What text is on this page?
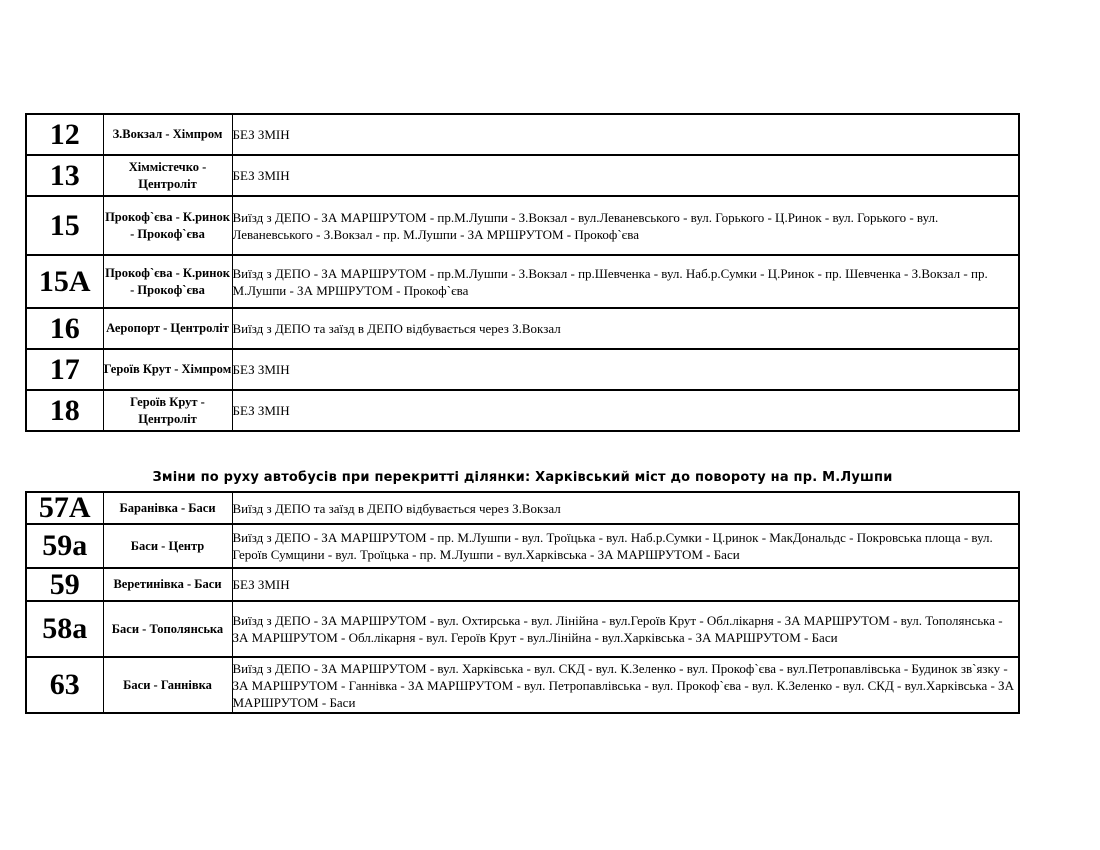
12	З.Вокзал - Хімпром	БЕЗ ЗМІН
13	Хіммістечко - Центроліт	БЕЗ ЗМІН
15	Прокоф`єва - К.ринок - Прокоф`єва	Виїзд з ДЕПО - ЗА МАРШРУТОМ - пр.М.Лушпи - З.Вокзал - вул.Леваневського - вул. Горького - Ц.Ринок - вул. Горького - вул. Леваневського - З.Вокзал - пр. М.Лушпи - ЗА МРШРУТОМ - Прокоф`єва
15А	Прокоф`єва - К.ринок - Прокоф`єва	Виїзд з ДЕПО - ЗА МАРШРУТОМ - пр.М.Лушпи - З.Вокзал - пр.Шевченка - вул. Наб.р.Сумки - Ц.Ринок - пр. Шевченка - З.Вокзал - пр. М.Лушпи - ЗА МРШРУТОМ - Прокоф`єва
16	Аеропорт - Центроліт	Виїзд з ДЕПО та заїзд в ДЕПО відбувається через З.Вокзал
17	Героїв Крут - Хімпром	БЕЗ ЗМІН
18	Героїв Крут - Центроліт	БЕЗ ЗМІН
Зміни по руху автобусів при перекритті ділянки: Харківський міст до повороту на пр. М.Лушпи
57А	Баранівка - Баси	Виїзд з ДЕПО та заїзд в ДЕПО відбувається через З.Вокзал
59а	Баси - Центр	Виїзд з ДЕПО - ЗА МАРШРУТОМ - пр. М.Лушпи - вул. Троїцька - вул. Наб.р.Сумки - Ц.ринок - МакДональдс - Покровська площа - вул. Героїв Сумщини - вул. Троїцька - пр. М.Лушпи - вул.Харківська - ЗА МАРШРУТОМ - Баси
59	Веретинівка - Баси	БЕЗ ЗМІН
58а	Баси - Тополянська	Виїзд з ДЕПО - ЗА МАРШРУТОМ - вул. Охтирська - вул. Лінійна - вул.Героїв Крут - Обл.лікарня - ЗА МАРШРУТОМ - вул. Тополянська - ЗА МАРШРУТОМ - Обл.лікарня - вул. Героїв Крут - вул.Лінійна - вул.Харківська - ЗА МАРШРУТОМ - Баси
63	Баси - Ганнівка	Виїзд з ДЕПО - ЗА МАРШРУТОМ - вул. Харківська - вул. СКД - вул. К.Зеленко - вул. Прокоф`єва - вул.Петропавлівська - Будинок зв`язку - ЗА МАРШРУТОМ - Ганнівка - ЗА МАРШРУТОМ - вул. Петропавлівська - вул. Прокоф`єва - вул. К.Зеленко - вул. СКД - вул.Харківська - ЗА МАРШРУТОМ - Баси
